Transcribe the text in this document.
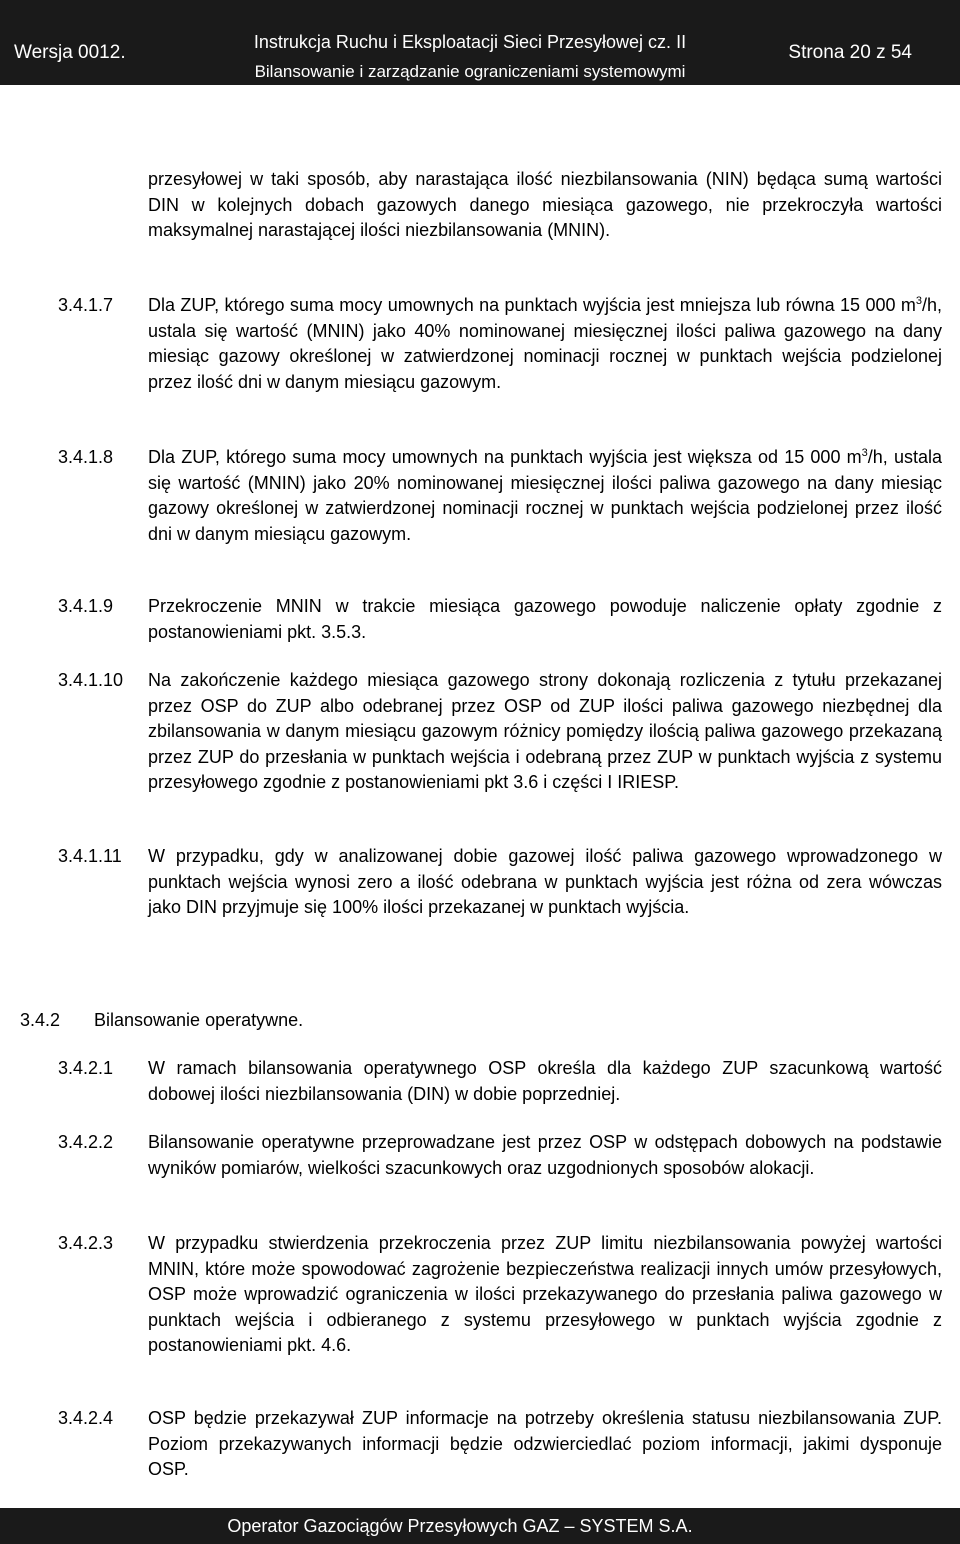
Wersja 0012.	Instrukcja Ruchu i Eksploatacji Sieci Przesyłowej cz. II
Bilansowanie i zarządzanie ograniczeniami systemowymi
Strona 20 z 54
przesyłowej w taki sposób, aby narastająca ilość niezbilansowania (NIN) będąca sumą wartości DIN w kolejnych dobach gazowych danego miesiąca gazowego, nie przekroczyła wartości maksymalnej narastającej ilości niezbilansowania (MNIN).
3.4.1.7 Dla ZUP, którego suma mocy umownych na punktach wyjścia jest mniejsza lub równa 15 000 $m^3/h$, ustala się wartość (MNIN) jako 40% nominowanej miesięcznej ilości paliwa gazowego na dany miesiąc gazowy określonej w zatwierdzonej nominacji rocznej w punktach wejścia podzielonej przez ilość dni w danym miesiącu gazowym.
3.4.1.8 Dla ZUP, którego suma mocy umownych na punktach wyjścia jest większa od 15 000 $m^3/h$, ustala się wartość (MNIN) jako 20% nominowanej miesięcznej ilości paliwa gazowego na dany miesiąc gazowy określonej w zatwierdzonej nominacji rocznej w punktach wejścia podzielonej przez ilość dni w danym miesiącu gazowym.
3.4.1.9 Przekroczenie MNIN w trakcie miesiąca gazowego powoduje naliczenie opłaty zgodnie z postanowieniami pkt. 3.5.3.
3.4.1.10 Na zakończenie każdego miesiąca gazowego strony dokonają rozliczenia z tytułu przekazanej przez OSP do ZUP albo odebranej przez OSP od ZUP ilości paliwa gazowego niezbędnej dla zbilansowania w danym miesiącu gazowym różnicy pomiędzy ilością paliwa gazowego przekazaną przez ZUP do przesłania w punktach wejścia i odebraną przez ZUP w punktach wyjścia z systemu przesyłowego zgodnie z postanowieniami pkt 3.6 i części I IRIESP.
3.4.1.11 W przypadku, gdy w analizowanej dobie gazowej ilość paliwa gazowego wprowadzonego w punktach wejścia wynosi zero a ilość odebrana w punktach wyjścia jest różna od zera wówczas jako DIN przyjmuje się 100% ilości przekazanej w punktach wyjścia.
3.4.2 Bilansowanie operatywne.
3.4.2.1 W ramach bilansowania operatywnego OSP określa dla każdego ZUP szacunkową wartość dobowej ilości niezbilansowania (DIN) w dobie poprzedniej.
3.4.2.2 Bilansowanie operatywne przeprowadzane jest przez OSP w odstępach dobowych na podstawie wyników pomiarów, wielkości szacunkowych oraz uzgodnionych sposobów alokacji.
3.4.2.3 W przypadku stwierdzenia przekroczenia przez ZUP limitu niezbilansowania powyżej wartości MNIN, które może spowodować zagrożenie bezpieczeństwa realizacji innych umów przesyłowych, OSP może wprowadzić ograniczenia w ilości przekazywanego do przesłania paliwa gazowego w punktach wejścia i odbieranego z systemu przesyłowego w punktach wyjścia zgodnie z postanowieniami pkt. 4.6.
3.4.2.4 OSP będzie przekazywał ZUP informacje na potrzeby określenia statusu niezbilansowania ZUP. Poziom przekazywanych informacji będzie odzwierciedlać poziom informacji, jakimi dysponuje OSP.
Operator Gazociągów Przesyłowych GAZ – SYSTEM S.A.
